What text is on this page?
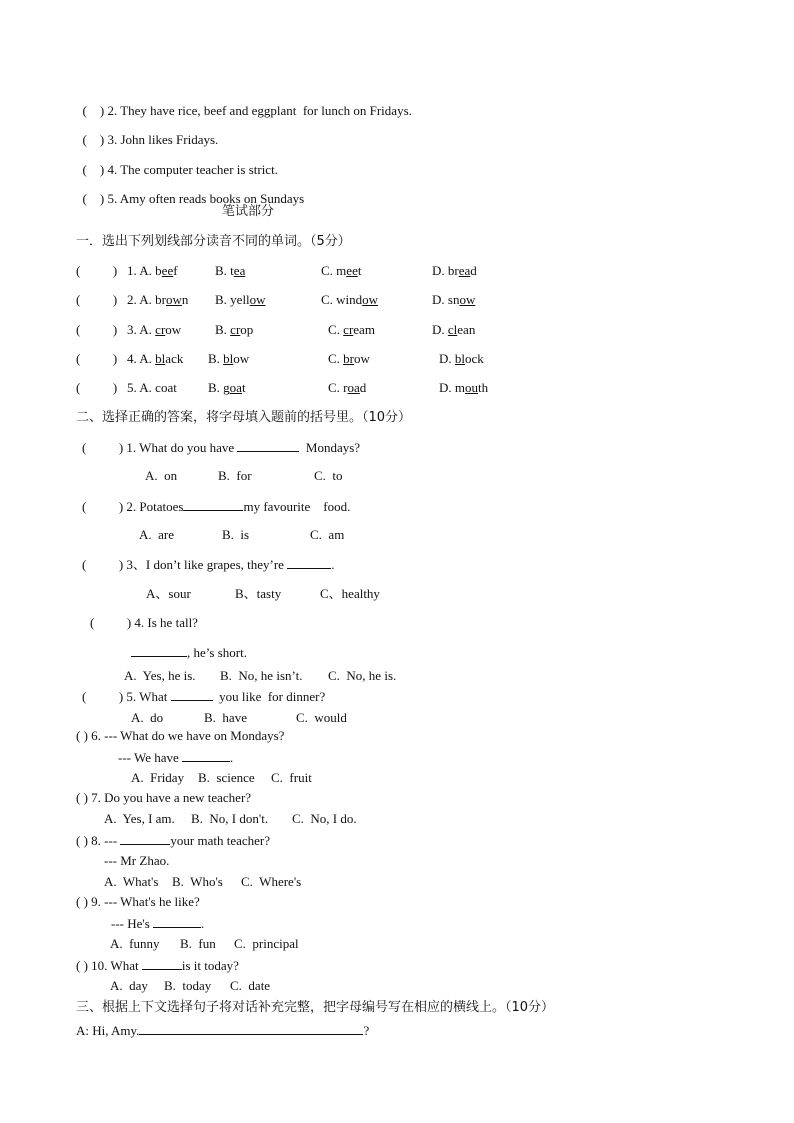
( ) 2. They have rice, beef and eggplant  for lunch on Fridays.

( ) 3. John likes Fridays.

( ) 4. The computer teacher is strict.

( ) 5. Amy often reads books on Sundays

笔试部分
一．选出下列划线部分读音不同的单词。（5分）
(          ) 1. A. beef	B. tea	C. meet	D. bread
(          ) 2. A. brown B. yellow	C. window	D. snow
(          ) 3. A. crow	B. crop	C. cream	D. clean
(          ) 4. A. black B. blow	C. brow	D. block
(          ) 5. A. coat B. goat	C. road	D. mouth
二、选择正确的答案，将字母填入题前的括号里。（10分）
(          ) 1. What do you have	Mondays?
A.  on	B.  for	C.  to
(          ) 2. Potatoes	my favourite    food.
A.  are	B.  is	C.  am
(          ) 3、I don’t like grapes, they’re	.
A、sour	B、tasty	C、healthy
(          ) 4. Is he tall?
, he’s short.
A.  Yes, he is. B.  No, he isn’t. C.  No, he is.
(          ) 5. What	you like  for dinner?
A.  do	B.  have	C.  would
( ) 6. --- What do we have on Mondays?
--- We have	.
A.  Friday B.  science C.  fruit
( ) 7. Do you have a new teacher?
A.  Yes, I am. B.  No, I don't. C.  No, I do.
( ) 8. ---	your math teacher?
--- Mr Zhao.
A.  What's B.  Who's C.  Where's
( ) 9. --- What's he like?
--- He's	.
A.  funny B.  fun C.  principal
( ) 10. What	is it today?
A.  day B.  today C.  date
三、根据上下文选择句子将对话补充完整，把字母编号写在相应的横线上。（10分）
A: Hi, Amy.	?
